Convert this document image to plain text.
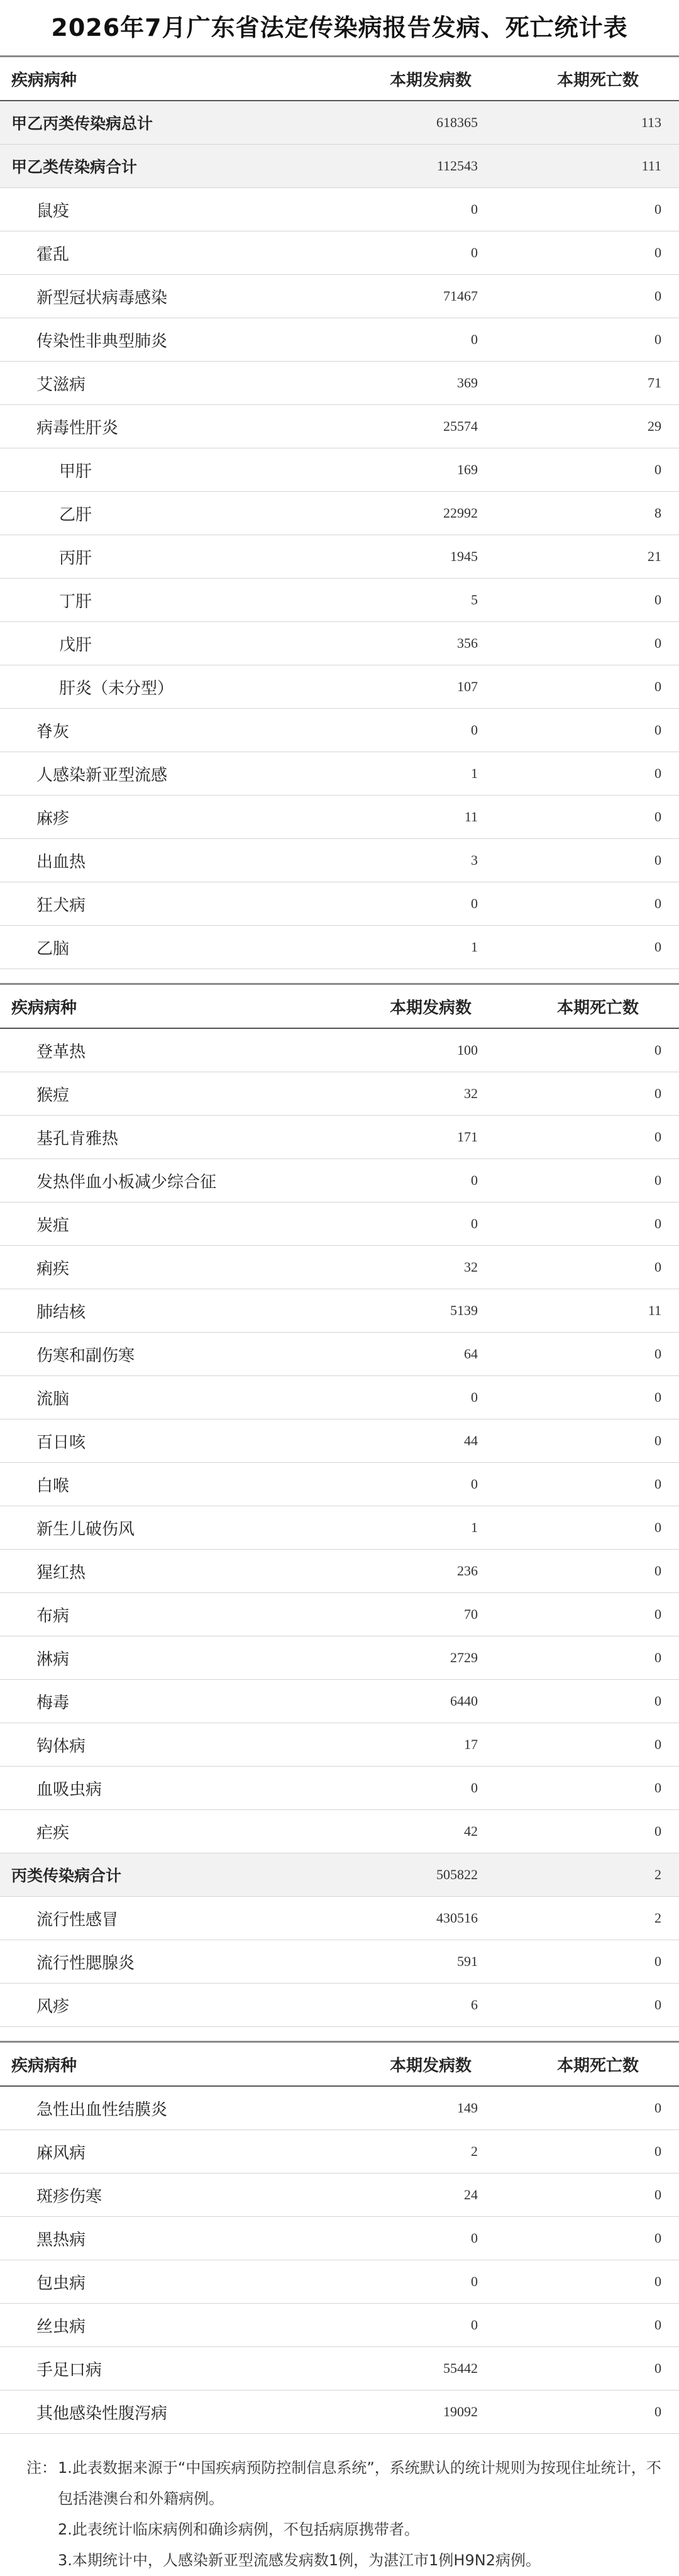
2026年7月广东省法定传染病报告发病、死亡统计表
疾病病种	本期发病数	本期死亡数
甲乙丙类传染病总计	618365	113
甲乙类传染病合计	112543	111
鼠疫	0	0
霍乱	0	0
新型冠状病毒感染	71467	0
传染性非典型肺炎	0	0
艾滋病	369	71
病毒性肝炎	25574	29
甲肝	169	0
乙肝	22992	8
丙肝	1945	21
丁肝	5	0
戊肝	356	0
肝炎（未分型）	107	0
脊灰	0	0
人感染新亚型流感	1	0
麻疹	11	0
出血热	3	0
狂犬病	0	0
乙脑	1	0
疾病病种	本期发病数	本期死亡数
登革热	100	0
猴痘	32	0
基孔肯雅热	171	0
发热伴血小板减少综合征	0	0
炭疽	0	0
痢疾	32	0
肺结核	5139	11
伤寒和副伤寒	64	0
流脑	0	0
百日咳	44	0
白喉	0	0
新生儿破伤风	1	0
猩红热	236	0
布病	70	0
淋病	2729	0
梅毒	6440	0
钩体病	17	0
血吸虫病	0	0
疟疾	42	0
丙类传染病合计	505822	2
流行性感冒	430516	2
流行性腮腺炎	591	0
风疹	6	0
疾病病种	本期发病数	本期死亡数
急性出血性结膜炎	149	0
麻风病	2	0
斑疹伤寒	24	0
黑热病	0	0
包虫病	0	0
丝虫病	0	0
手足口病	55442	0
其他感染性腹泻病	19092	0
注： 1.此表数据来源于“中国疾病预防控制信息系统”，系统默认的统计规则为按现住址统计，不包括港澳台和外籍病例。
2.此表统计临床病例和确诊病例，不包括病原携带者。
3.本期统计中，人感染新亚型流感发病数1例，为湛江市1例H9N2病例。
